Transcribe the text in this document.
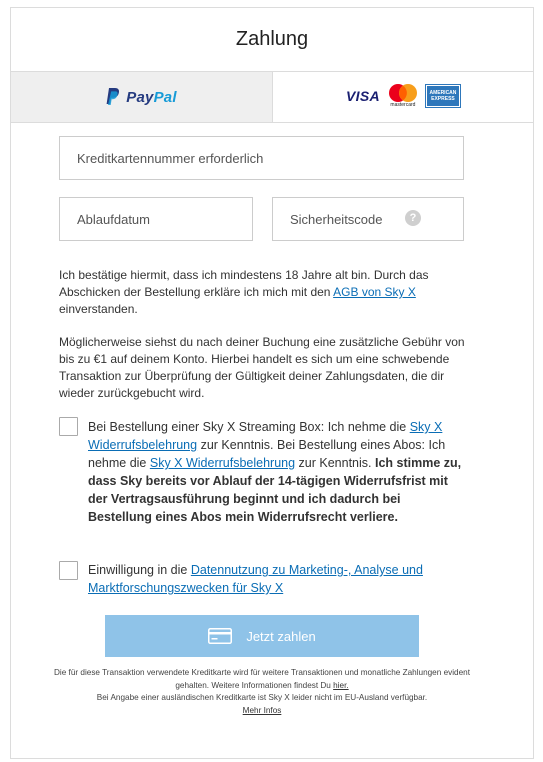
Zahlung
PayPal	VISA
mastercard
AMERICAN
EXPRESS
Kreditkartennummer erforderlich
Ablaufdatum	Sicherheitscode	?
Ich bestätige hiermit, dass ich mindestens 18 Jahre alt bin. Durch das Abschicken der Bestellung erkläre ich mich mit den AGB von Sky X einverstanden.
Möglicherweise siehst du nach deiner Buchung eine zusätzliche Gebühr von bis zu €1 auf deinem Konto. Hierbei handelt es sich um eine schwebende Transaktion zur Überprüfung der Gültigkeit deiner Zahlungsdaten, die dir wieder zurückgebucht wird.
Bei Bestellung einer Sky X Streaming Box: Ich nehme die Sky X Widerrufsbelehrung zur Kenntnis. Bei Bestellung eines Abos: Ich nehme die Sky X Widerrufsbelehrung zur Kenntnis. Ich stimme zu, dass Sky bereits vor Ablauf der 14-tägigen Widerrufsfrist mit der Vertragsausführung beginnt und ich dadurch bei Bestellung eines Abos mein Widerrufsrecht verliere.
Einwilligung in die Datennutzung zu Marketing-, Analyse und Marktforschungszwecken für Sky X
Jetzt zahlen
Die für diese Transaktion verwendete Kreditkarte wird für weitere Transaktionen und monatliche Zahlungen evident gehalten. Weitere Informationen findest Du hier.
Bei Angabe einer ausländischen Kreditkarte ist Sky X leider nicht im EU-Ausland verfügbar.
Mehr Infos
